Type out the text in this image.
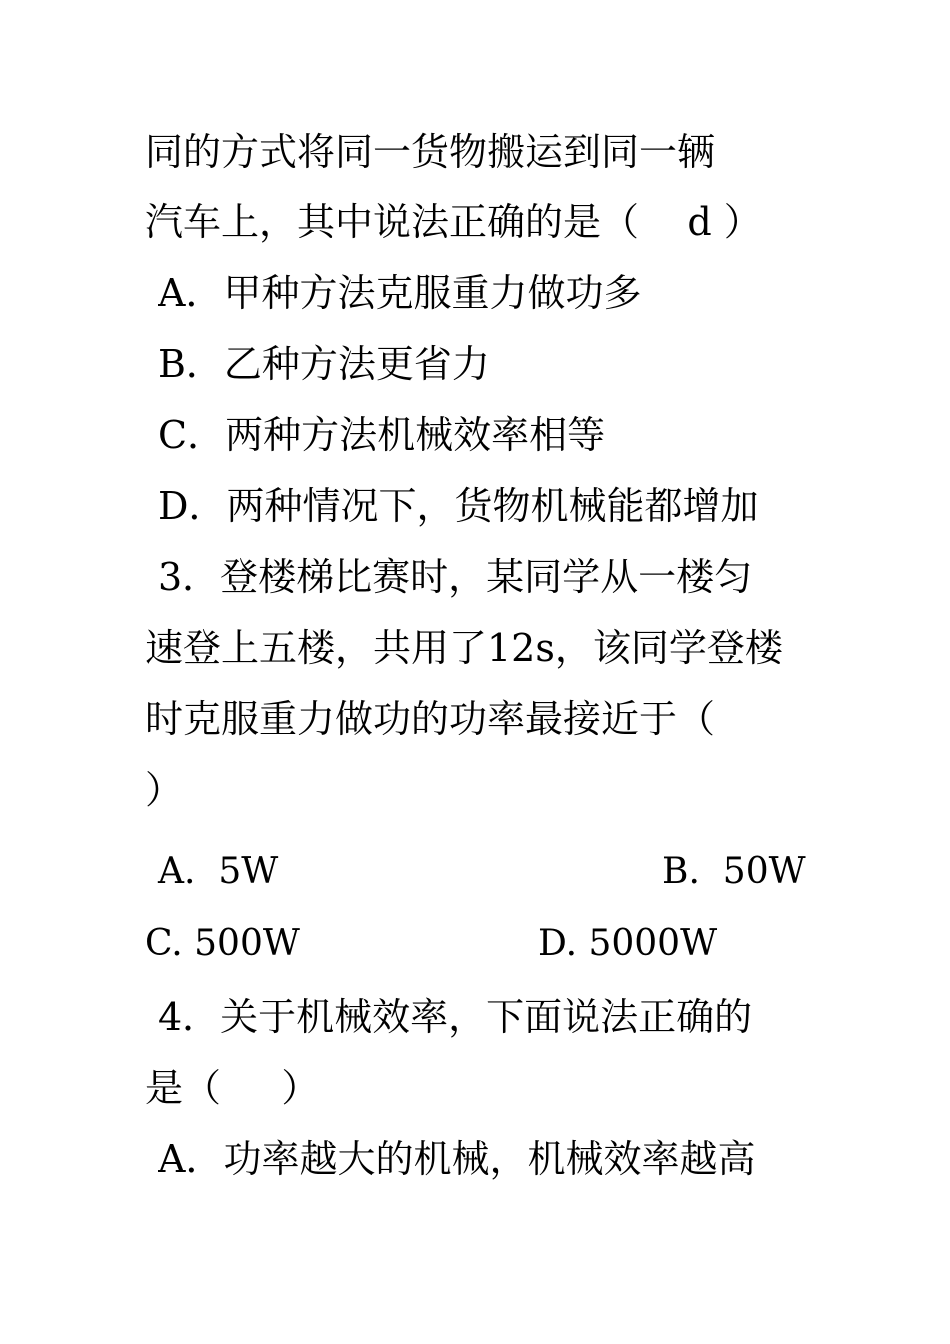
同的方式将同一货物搬运到同一辆
汽车上，其中说法正确的是（    d ）
A．甲种方法克服重力做功多
B．乙种方法更省力
C．两种方法机械效率相等
D．两种情况下，货物机械能都增加
3．登楼梯比赛时，某同学从一楼匀
速登上五楼，共用了12s，该同学登楼
时克服重力做功的功率最接近于（
）
A.  5W	B.  50W
C. 500W	D. 5000W
4．关于机械效率，下面说法正确的
是（     ）
A．功率越大的机械，机械效率越高
